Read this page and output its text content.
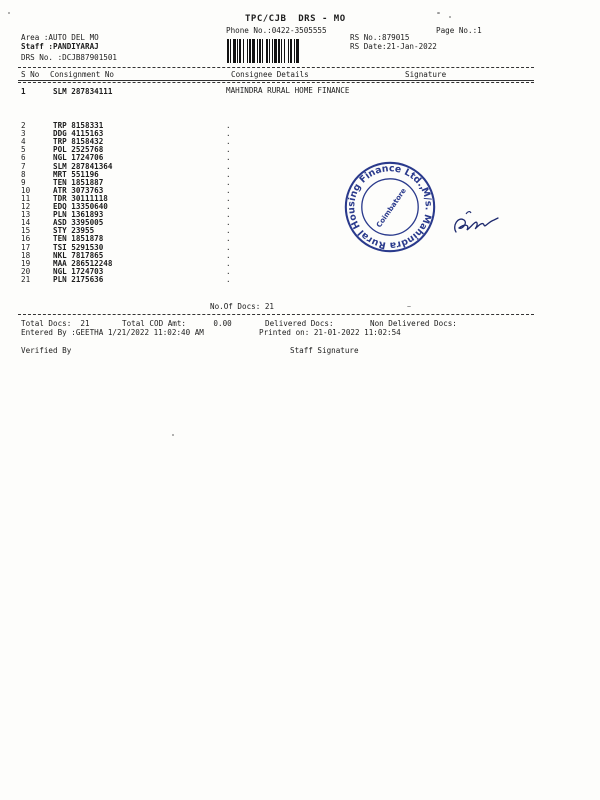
TPC/CJB  DRS - MO
Phone No.:0422-3505555	Page No.:1
Area :AUTO DEL MO
Staff :PANDIYARAJ
DRS No. :DCJB87901501
RS No.:879015
RS Date:21-Jan-2022
S No Consignment No	Consignee Details	Signature
1	SLM 287834111	MAHINDRA RURAL HOME FINANCE
2	TRP 8158331	.
3	DDG 4115163	.
4	TRP 8158432	.
5	POL 2525768	.
6	NGL 1724706	.
7	SLM 287841364	.
8	MRT 551196	.
9	TEN 1851887	.
10	ATR 3073763	.
11	TDR 30111118	.
12	EDQ 13350640	.
13	PLN 1361893	.
14	ASD 3395005	.
15	STY 23955	.
16	TEN 1851878	.
17	TSI 5291530	.
18	NKL 7817865	.
19	MAA 286512248	.
20	NGL 1724703	.
21	PLN 2175636	.
No.Of Docs: 21
Total Docs:  21	Total COD Amt:      0.00	Delivered Docs:	Non Delivered Docs:
Entered By :GEETHA 1/21/2022 11:02:40 AM	Printed on: 21-01-2022 11:02:54
Verified By	Staff Signature
M/s. Mahindra Rural Housing Finance Ltd.,
Coimbatore
